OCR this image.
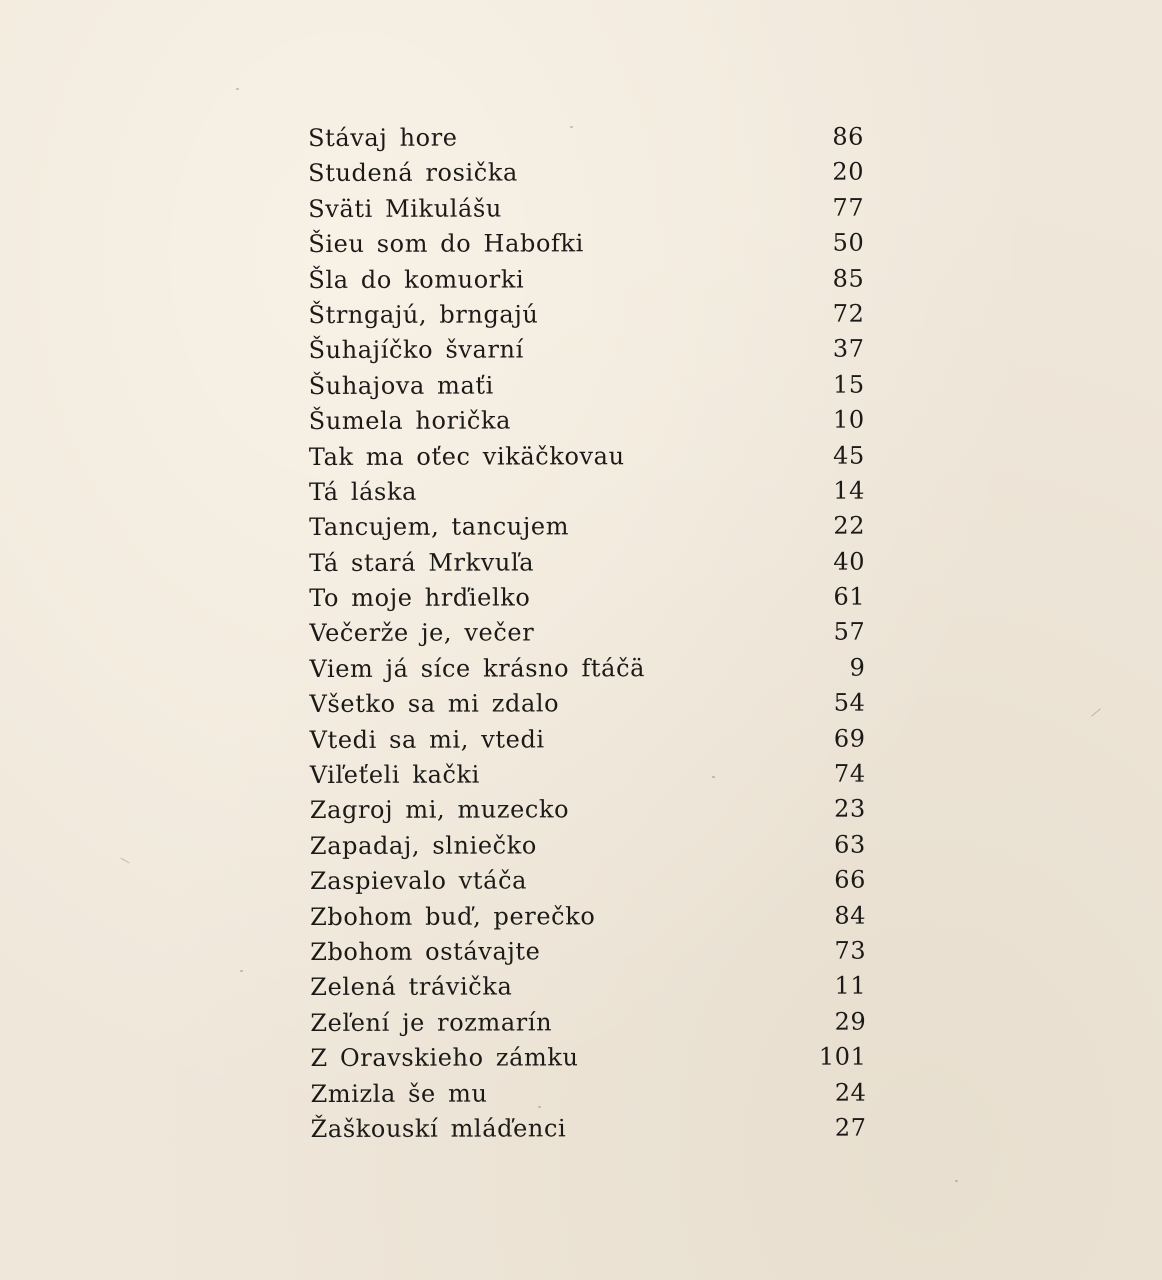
Stávaj hore	86
Studená rosička	20
Sväti Mikulášu	77
Šieu som do Habofki	50
Šla do komuorki	85
Štrngajú, brngajú	72
Šuhajíčko švarní	37
Šuhajova maťi	15
Šumela horička	10
Tak ma oťec vikäčkovau	45
Tá láska	14
Tancujem, tancujem	22
Tá stará Mrkvuľa	40
To moje hrďielko	61
Večerže je, večer	57
Viem já síce krásno ftáčä	9
Všetko sa mi zdalo	54
Vtedi sa mi, vtedi	69
Viľeťeli kački	74
Zagroj mi, muzecko	23
Zapadaj, slniečko	63
Zaspievalo vtáča	66
Zbohom buď, perečko	84
Zbohom ostávajte	73
Zelená trávička	11
Zeľení je rozmarín	29
Z Oravskieho zámku	101
Zmizla še mu	24
Žaškouskí mláďenci	27
